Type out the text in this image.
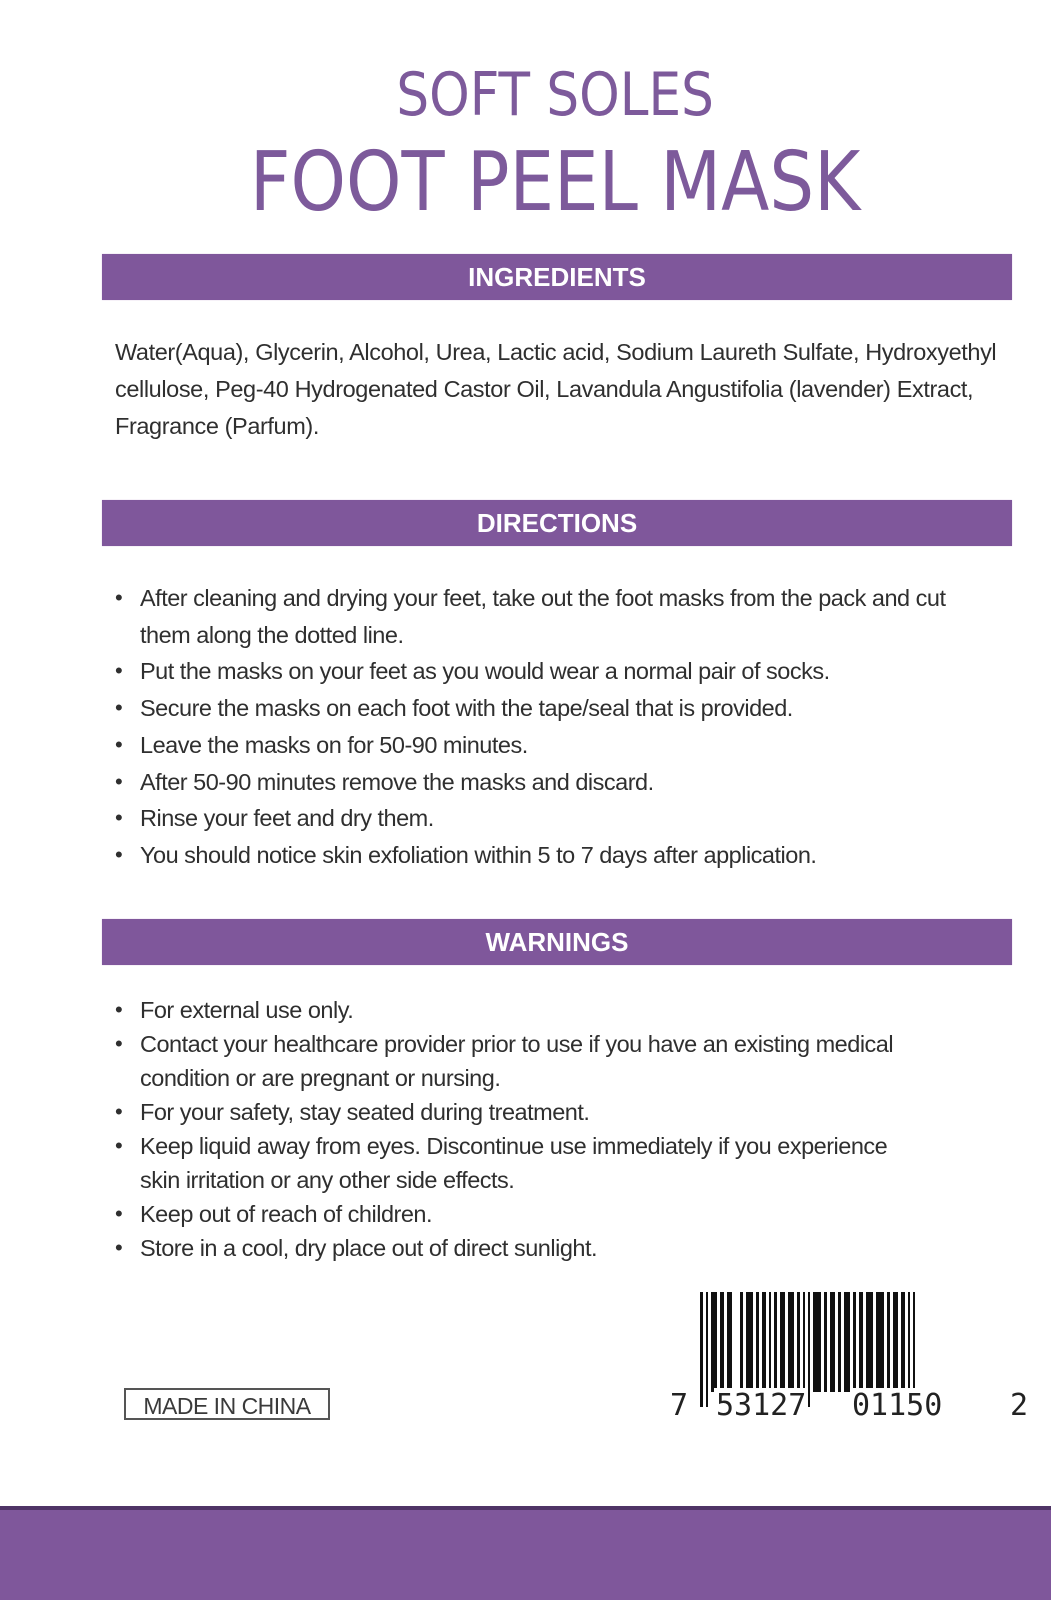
SOFT SOLES
FOOT PEEL MASK
INGREDIENTS
Water(Aqua), Glycerin, Alcohol, Urea, Lactic acid, Sodium Laureth Sulfate, Hydroxyethyl cellulose, Peg-40 Hydrogenated Castor Oil, Lavandula Angustifolia (lavender) Extract, Fragrance (Parfum).
DIRECTIONS
• After cleaning and drying your feet, take out the foot masks from the pack and cut them along the dotted line.
• Put the masks on your feet as you would wear a normal pair of socks.
• Secure the masks on each foot with the tape/seal that is provided.
• Leave the masks on for 50-90 minutes.
• After 50-90 minutes remove the masks and discard.
• Rinse your feet and dry them.
• You should notice skin exfoliation within 5 to 7 days after application.
WARNINGS
• For external use only.
• Contact your healthcare provider prior to use if you have an existing medical condition or are pregnant or nursing.
• For your safety, stay seated during treatment.
• Keep liquid away from eyes. Discontinue use immediately if you experience skin irritation or any other side effects.
• Keep out of reach of children.
• Store in a cool, dry place out of direct sunlight.
MADE IN CHINA	7 53127 01150 2
